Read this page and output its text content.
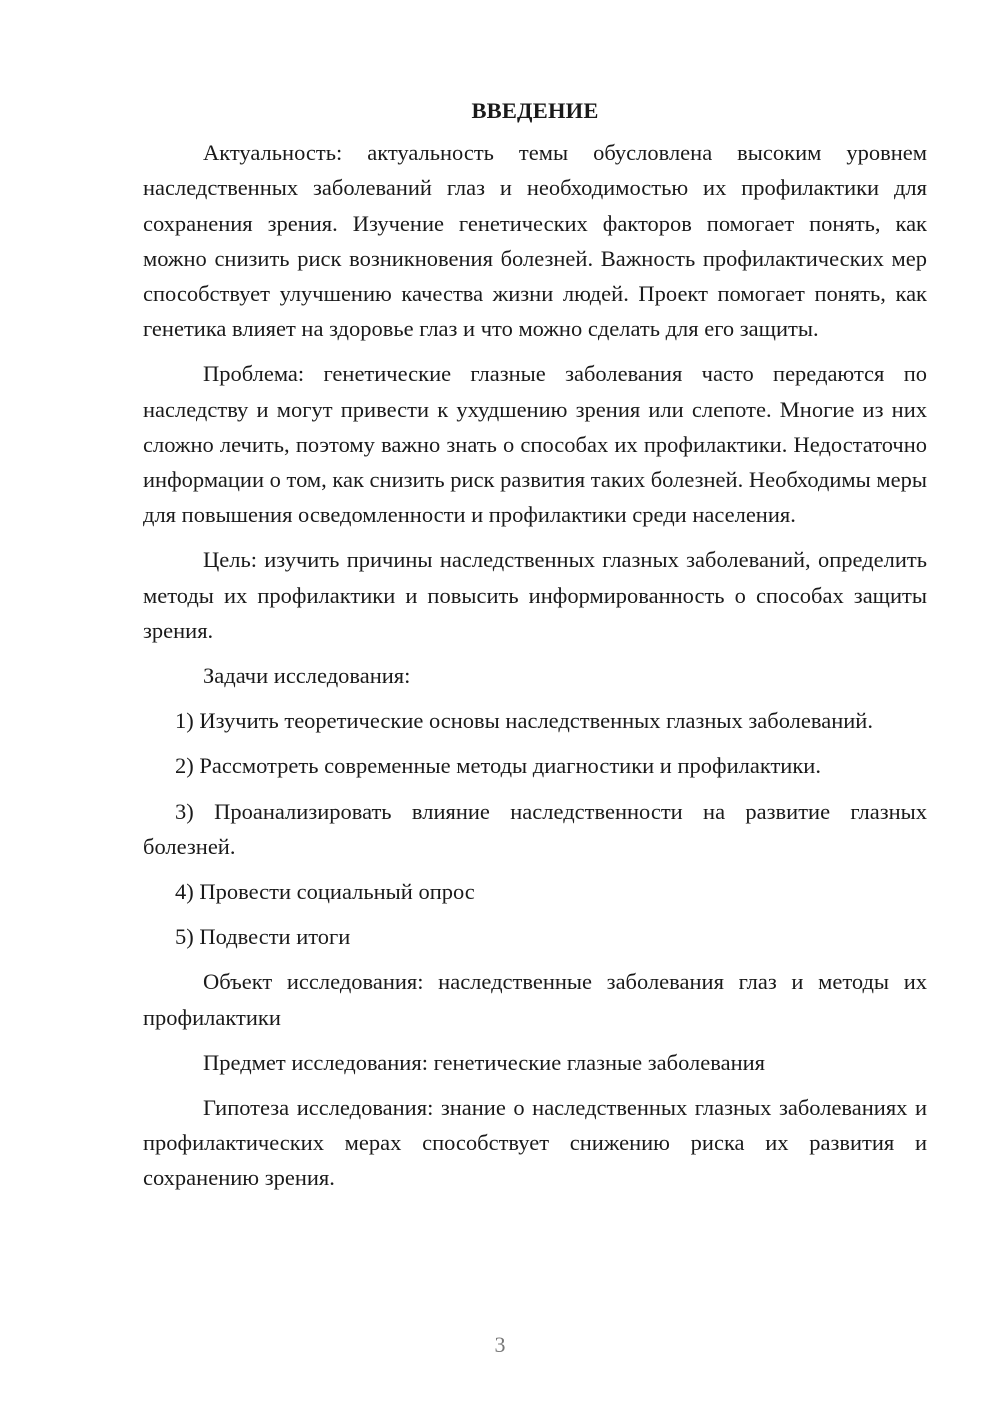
ВВЕДЕНИЕ

Актуальность: актуальность темы обусловлена высоким уровнем наследственных заболеваний глаз и необходимостью их профилактики для сохранения зрения. Изучение генетических факторов помогает понять, как можно снизить риск возникновения болезней. Важность профилактических мер способствует улучшению качества жизни людей. Проект помогает понять, как генетика влияет на здоровье глаз и что можно сделать для его защиты.

Проблема: генетические глазные заболевания часто передаются по наследству и могут привести к ухудшению зрения или слепоте. Многие из них сложно лечить, поэтому важно знать о способах их профилактики. Недостаточно информации о том, как снизить риск развития таких болезней. Необходимы меры для повышения осведомленности и профилактики среди населения.

Цель: изучить причины наследственных глазных заболеваний, определить методы их профилактики и повысить информированность о способах защиты зрения.

Задачи исследования:

1) Изучить теоретические основы наследственных глазных заболеваний.

2) Рассмотреть современные методы диагностики и профилактики.

3) Проанализировать влияние наследственности на развитие глазных болезней.

4) Провести социальный опрос

5) Подвести итоги

Объект исследования: наследственные заболевания глаз и методы их профилактики

Предмет исследования: генетические глазные заболевания

Гипотеза исследования: знание о наследственных глазных заболеваниях и профилактических мерах способствует снижению риска их развития и сохранению зрения.

3
